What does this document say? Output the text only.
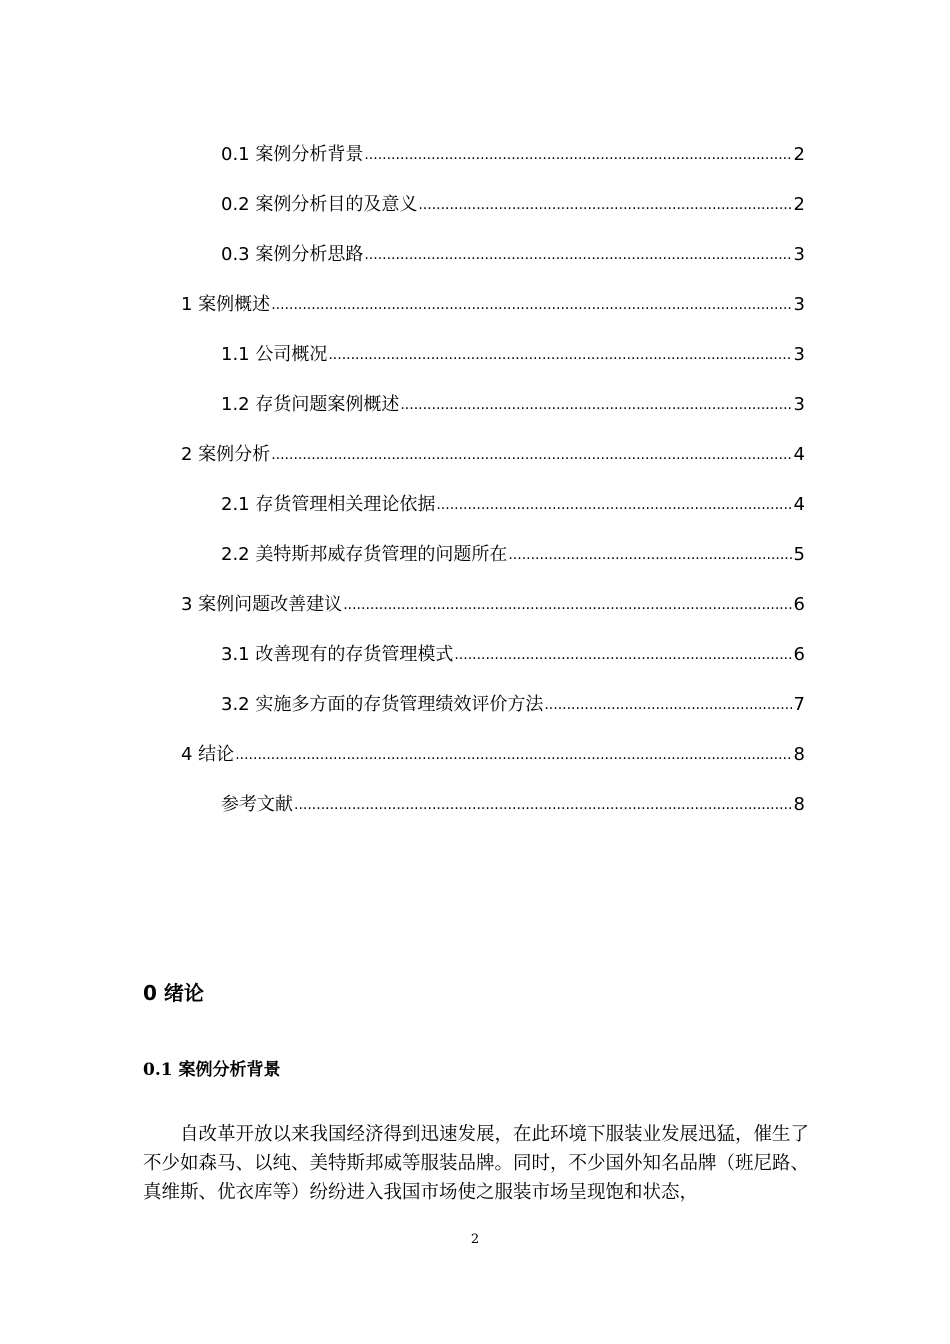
0.1 案例分析背景 .....	2
0.2 案例分析目的及意义 .....	2
0.3 案例分析思路 .....	3
1 案例概述 .....	3
1.1 公司概况 .....	3
1.2 存货问题案例概述 .....	3
2 案例分析 .....	4
2.1 存货管理相关理论依据 .....	4
2.2 美特斯邦威存货管理的问题所在 .....	5
3 案例问题改善建议 .....	6
3.1 改善现有的存货管理模式 .....	6
3.2 实施多方面的存货管理绩效评价方法 .....	7
4 结论 .....	8
参考文献 .....	8
0 绪论
0.1 案例分析背景
自改革开放以来我国经济得到迅速发展，在此环境下服装业发展迅猛，催生了不少如森马、以纯、美特斯邦威等服装品牌。同时，不少国外知名品牌（班尼路、真维斯、优衣库等）纷纷进入我国市场使之服装市场呈现饱和状态，
2
